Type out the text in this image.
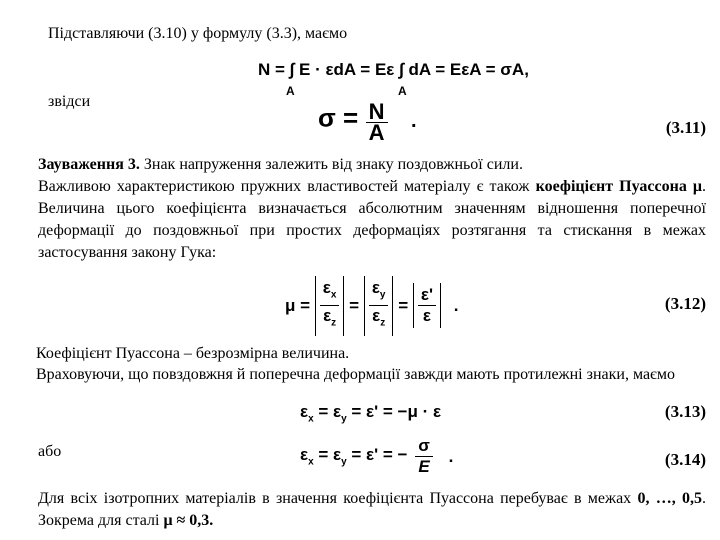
Підставляючи (3.10) у формулу (3.3), маємо
N = ∫ E · εdA = Eε ∫ dA = EεA = σA,
A	A
звідси
$\sigma = \frac{N}{A}$ .	(3.11)
Зауваження 3. Знак напруження залежить від знаку поздовжньої сили.
Важливою характеристикою пружних властивостей матеріалу є також коефіцієнт Пуассона μ. Величина цього коефіцієнта визначається абсолютним значенням відношення поперечної деформації до поздовжньої при простих деформаціях розтягання та стискання в межах застосування закону Гука:
$\mu = \frac{\varepsilon_x}{\varepsilon_z} = \frac{\varepsilon_y}{\varepsilon_z} = \frac{\varepsilon'}{\varepsilon}$ .	(3.12)
Коефіцієнт Пуассона – безрозмірна величина.
Враховуючи, що повздовжня й поперечна деформації завжди мають протилежні знаки, маємо
$\varepsilon_x = \varepsilon_y = \varepsilon' = -\mu \cdot \varepsilon$	(3.13)
або	$\varepsilon_x = \varepsilon_y = \varepsilon'$ = − $\frac{\sigma}{E}$ .	(3.14)
Для всіх ізотропних матеріалів в значення коефіцієнта Пуассона перебуває в межах 0, …, 0,5. Зокрема для сталі μ ≈ 0,3.
